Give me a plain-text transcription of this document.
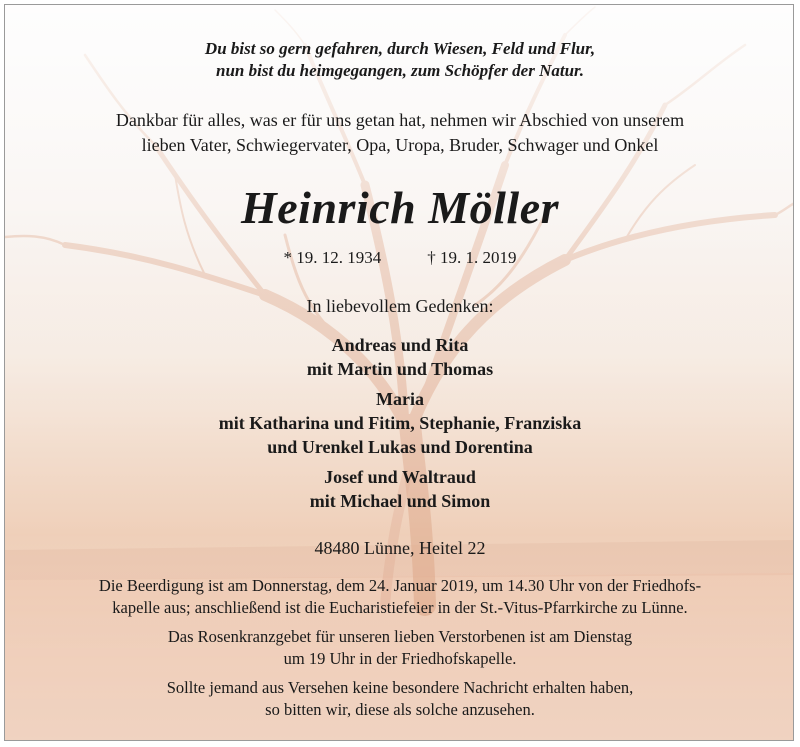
Du bist so gern gefahren, durch Wiesen, Feld und Flur,
nun bist du heimgegangen, zum Schöpfer der Natur.
Dankbar für alles, was er für uns getan hat, nehmen wir Abschied von unserem
lieben Vater, Schwiegervater, Opa, Uropa, Bruder, Schwager und Onkel
Heinrich Möller
* 19. 12. 1934	† 19. 1. 2019
In liebevollem Gedenken:
Andreas und Rita
mit Martin und Thomas
Maria
mit Katharina und Fitim, Stephanie, Franziska
und Urenkel Lukas und Dorentina
Josef und Waltraud
mit Michael und Simon
48480 Lünne, Heitel 22
Die Beerdigung ist am Donnerstag, dem 24. Januar 2019, um 14.30 Uhr von der Friedhofs-
kapelle aus; anschließend ist die Eucharistiefeier in der St.-Vitus-Pfarrkirche zu Lünne.
Das Rosenkranzgebet für unseren lieben Verstorbenen ist am Dienstag
um 19 Uhr in der Friedhofskapelle.
Sollte jemand aus Versehen keine besondere Nachricht erhalten haben,
so bitten wir, diese als solche anzusehen.
